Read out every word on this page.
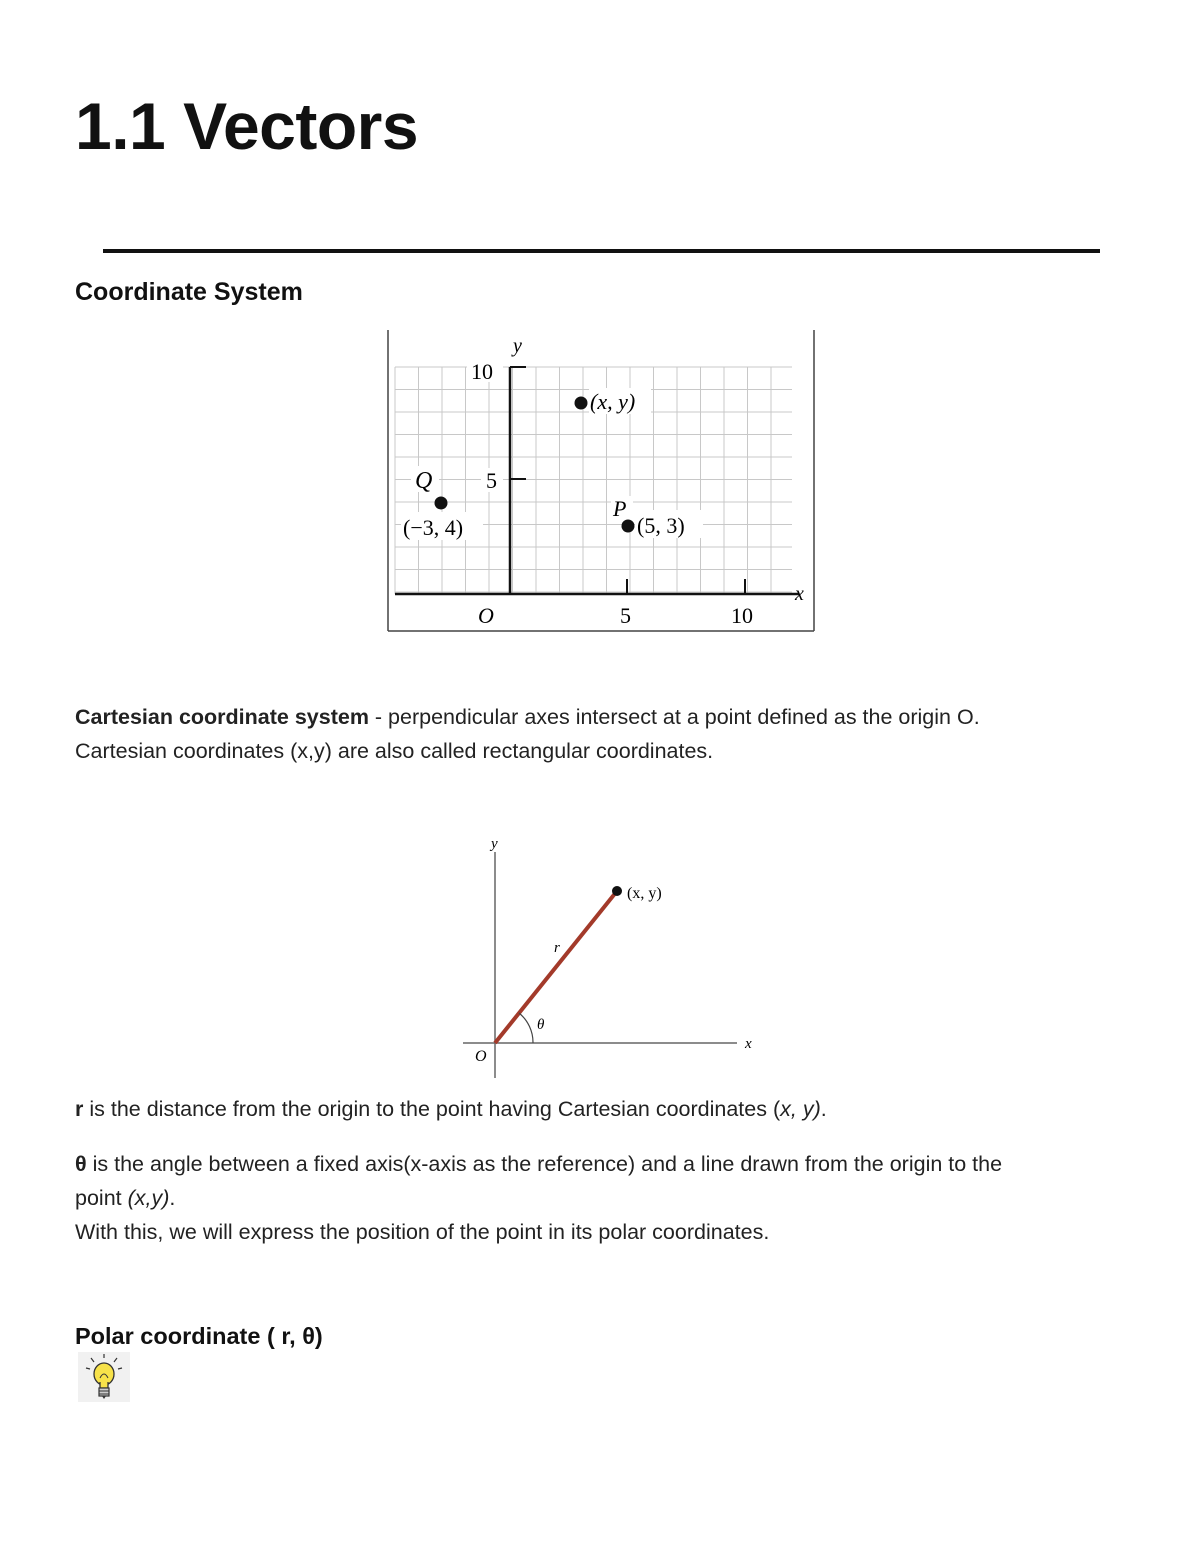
1.1 Vectors
Coordinate System
y
x
O
10
5
5	10
(x, y)
Q
(−3, 4)
P
(5, 3)

Cartesian coordinate system - perpendicular axes intersect at a point defined as the origin O.
Cartesian coordinates (x,y) are also called rectangular coordinates.

y
x
O
(x, y)
r
θ

r is the distance from the origin to the point having Cartesian coordinates (x, y).

θ is the angle between a fixed axis(x-axis as the reference) and a line drawn from the origin to the
point (x,y).

With this, we will express the position of the point in its polar coordinates.

Polar coordinate ( r, θ)
